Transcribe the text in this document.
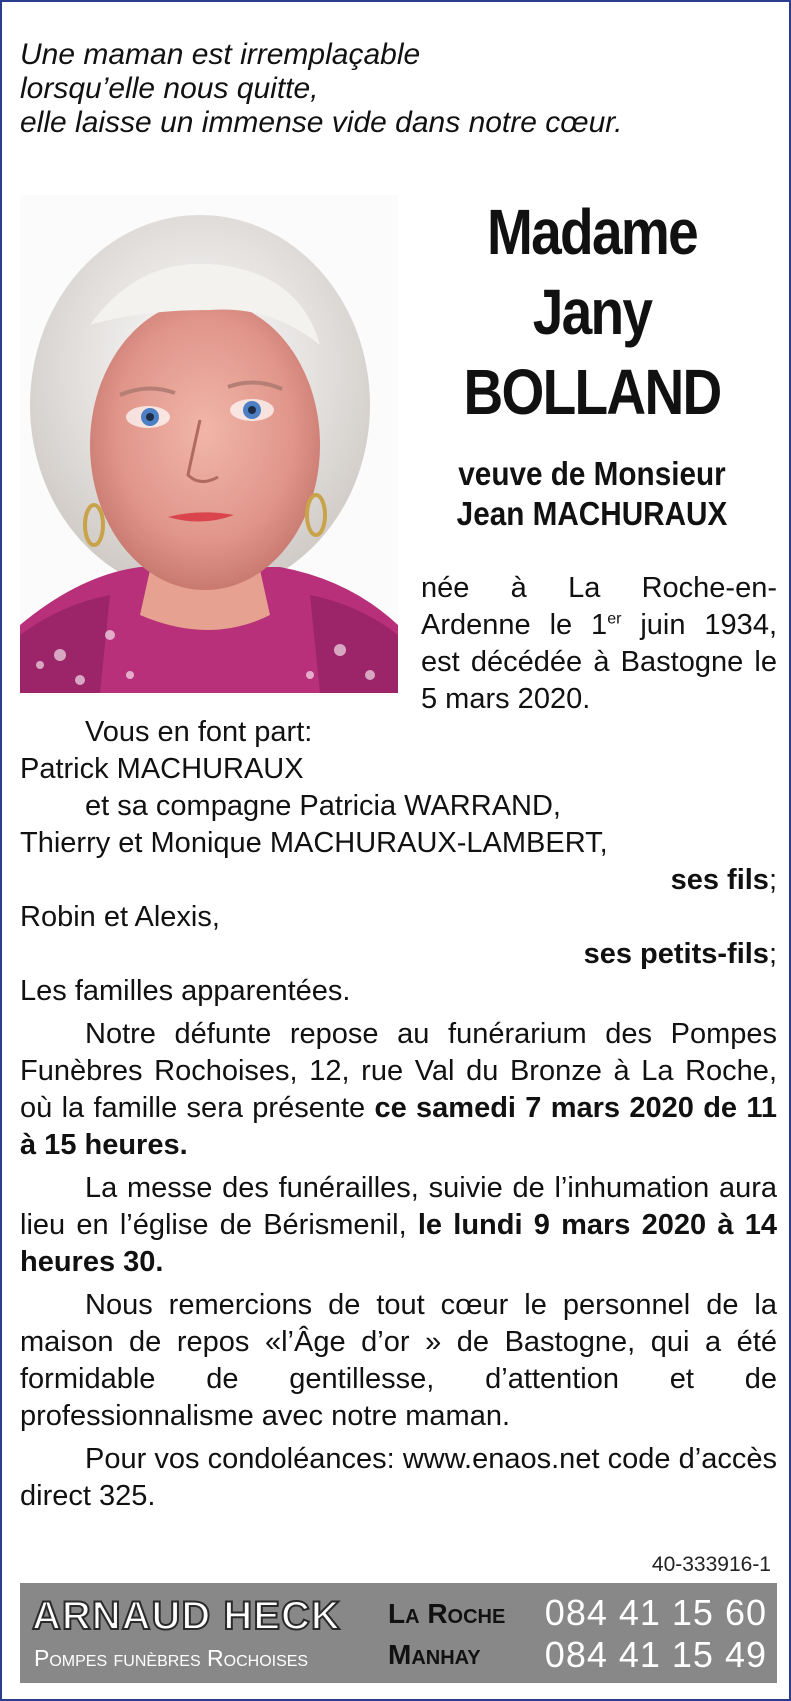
Une maman est irremplaçable
lorsqu’elle nous quitte,
elle laisse un immense vide dans notre cœur.
Madame
Jany
BOLLAND
veuve de Monsieur
Jean MACHURAUX
née à La Roche-en-Ardenne le 1er juin 1934, est décédée à Bastogne le 5 mars 2020.
Vous en font part:
Patrick MACHURAUX
et sa compagne Patricia WARRAND,
Thierry et Monique MACHURAUX-LAMBERT,
ses fils;
Robin et Alexis,
ses petits-fils;
Les familles apparentées.
Notre défunte repose au funérarium des Pompes Funèbres Rochoises, 12, rue Val du Bronze à La Roche, où la famille sera présente ce samedi 7 mars 2020 de 11 à 15 heures.
La messe des funérailles, suivie de l’inhumation aura lieu en l’église de Bérismenil, le lundi 9 mars 2020 à 14 heures 30.
Nous remercions de tout cœur le personnel de la maison de repos «l’Âge d’or » de Bastogne, qui a été formidable de gentillesse, d’attention et de professionnalisme avec notre maman.
Pour vos condoléances: www.enaos.net code d’accès direct 325.
40-333916-1
ARNAUD HECK
Pompes funèbres Rochoises
La Roche 084 41 15 60
Manhay 084 41 15 49
